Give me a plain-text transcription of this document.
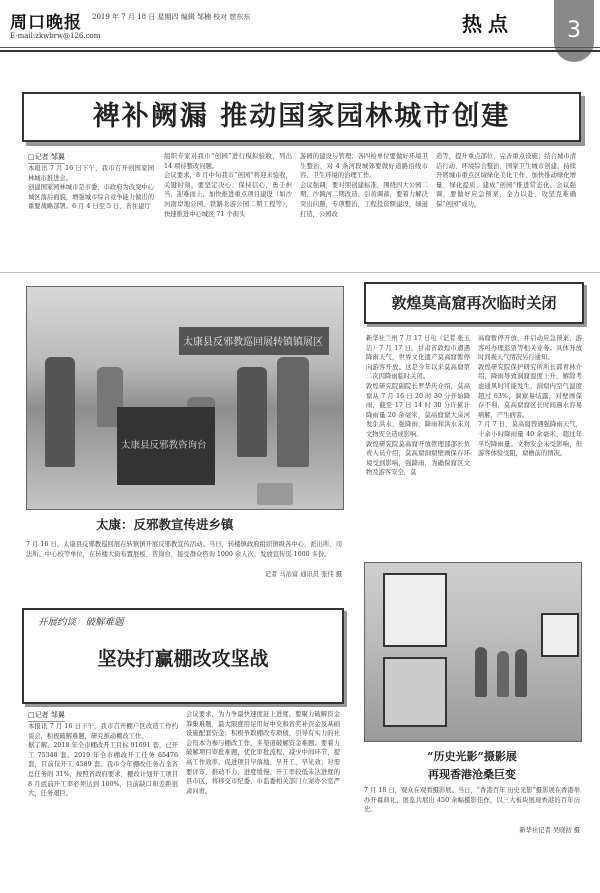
周口晚报 2019 年 7 月 18 日 星期四 编辑 邹楠 校对 慈东东
E-mail:zkwbrw@126.com	热点	3
裨补阙漏 推动国家园林城市创建
□记者 邹翼
本报讯 7 月 16 日下午，我市召开创国家园林城市推进会。
创建国家园林城市是市委、市政府为改变中心城区落后面貌，增强城市综合竞争能力做出的重要战略部署。6 月 4 日至 5 日，省住建厅
组织专家对我市“创园”进行模拟验收，列出 14 项待整改问题。
会议要求，8 月中旬我市“创园”将迎来验收，关键时刻，要坚定决心、保持信心，勇于担当、迎难而上，加快推进重点项目建设（如沙河南岸地公园、铁路北游公园二期工程等），快速推进中心城区 71 个街头
游园的建设与管理；各四检单位要做好环境卫生整治，对 4 条河段城郊要做好道路沿线市容、卫生环境的治理工作。
会议强调，要对照创建标准，围绕四大公园二期、沙颍河二期改造、引黄调蓄，要着力解决突出问题，专项整治，工程投资额建设，绿道打造，公园改
造等，提升重点部位，完善重点设施；结合城市清洁行动、环境综合整治，国家卫生城市创建，持续开展城市重点区域绿化美化工作，加快推动绿化增量、绿化提质，建成“创园”推进常态化。会议强调，要做好应急预案，全力以赴、攻坚克难确保“创园”成功。
太康县反邪教巡回展转镇镇展区
太康县反邪教咨询台
太康：反邪教宣传进乡镇
7 月 16 日，太康县反邪教巡回展在转镇镇开展反邪教宣传活动。当日，转楼镇政府组织镇级各中心、派出所、司法所、中心校等单位，在转楼大街布置展板、咨询台，接受群众咨询 1000 余人次，发放宣传页 1000 多份。
记者 马治富 通讯员 张伟 摄
敦煌莫高窟再次临时关闭
新华社兰州 7 月 17 日电（记者 张玉洁）7 月 17 日，甘肃省敦煌市遭遇降雨天气，世界文化遗产莫高窟暂停向游客开放。这是今年以来莫高窟第二次因降雨临时关闭。
敦煌研究院副院长罗华庆介绍，莫高窟从 7 月 16 日 20 时 30 分开始降雨，截至 17 日 14 时 30 分许累计降雨量 20 余毫米，莫高窟窟大泉河发生洪水，强降雨、降雨和洪水未对文物安全造成影响。
敦煌研究院莫高窟开放管理部部长负责人员介绍，莫高窟洞窟壁画保存环境受到影响，强降雨，为确保窟区文物及游客安全，莫
高窟暂停开放，并启动应急预案，游客可办理退票等相关业务。具体开放时间视天气情况另行通知。
敦煌研究院保护研究所所长郭青林介绍，降雨导致洞窟湿度上升，解除考虑通风时可能发生，洞窟内空气湿度超过 63%，洞窟易结露，对壁画保存不利，莫高窟窟区长时间遇水容易病解，产生病害。
7 月 7 日，莫高窟曾遇强降雨天气，十余小时降雨量 40 余毫米，超过年平均降雨量。文物安全未受影响，但游客体验受阻，窟檐前的情况。
开展约谈　破解难题
坚决打赢棚改攻坚战
□记者 邹翼
本报讯 7 月 16 日下午，我市召开棚户区改造工作约谈会，积极破解难题，研究推动棚改工作。
据了解，2018 年全市棚改开工目标 91691 套，已开工 75348 套。2019 年全市棚改开工任务 65476 套，目前仅开工 4589 套。我市今年棚改任务占全省总任务的 31%，按照省政府要求，棚改计划开工项目 8 月底前开工率必须达到 100%，目前缺口和差距很大，任务艰巨。
会议要求，为力争最快速度赶上进度，要聚力破解资金筹集难题，最大限度用足用好中央和省奖补资金及基础设施配套资金；积极争取棚改专项债，引导有实力的社会资本力参与棚改工作，多渠道破解资金难题；要着力破解项目审批难题，优化审批流程，减少中间环节，提高工作效率，促进项目早落地、早开工、早见效；对需要评审、推动不力，进度缓慢、开工率较低未达进度的县市区，将移交市纪委、市监委相关部门立案办公室严肃问责。
“历史光影”摄影展
再现香港沧桑巨变
7 月 18 日，观众在观看摄影展。当日，“香港百年 历史光影”摄影展在香港举办开幕典礼，展览共展出 450 余幅摄影佳作，以三大板块展现香港的百年历史。
新华社记者 吴晓初 摄
